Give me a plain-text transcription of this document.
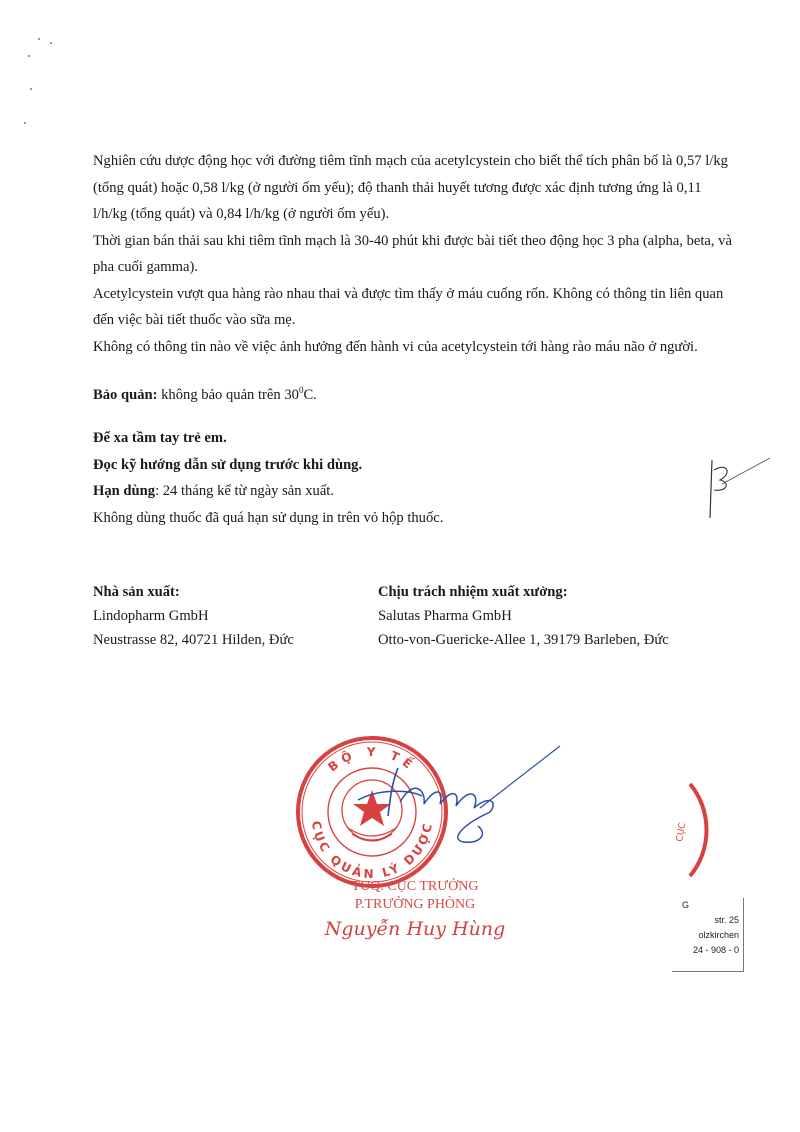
Nghiên cứu dược động học với đường tiêm tĩnh mạch của acetylcystein cho biết thể tích phân bố là 0,57 l/kg (tổng quát) hoặc 0,58 l/kg (ở người ốm yếu); độ thanh thải huyết tương được xác định tương ứng là 0,11 l/h/kg (tổng quát) và 0,84 l/h/kg (ở người ốm yếu).

Thời gian bán thải sau khi tiêm tĩnh mạch là 30-40 phút khi được bài tiết theo động học 3 pha (alpha, beta, và pha cuối gamma).

Acetylcystein vượt qua hàng rào nhau thai và được tìm thấy ở máu cuống rốn. Không có thông tin liên quan đến việc bài tiết thuốc vào sữa mẹ.

Không có thông tin nào về việc ảnh hưởng đến hành vi của acetylcystein tới hàng rào máu não ở người.

Bảo quản: không bảo quản trên $30^0C$.

Để xa tầm tay trẻ em.

Đọc kỹ hướng dẫn sử dụng trước khi dùng.

Hạn dùng: 24 tháng kể từ ngày sản xuất.

Không dùng thuốc đã quá hạn sử dụng in trên vỏ hộp thuốc.

Nhà sản xuất:

Lindopharm GmbH

Neustrasse 82, 40721 Hilden, Đức

Chịu trách nhiệm xuất xưởng:

Salutas Pharma GmbH

Otto-von-Guericke-Allee 1, 39179 Barleben, Đức

BỘ Y TẾ
CỤC QUẢN LÝ DƯỢC	CỤC

TUQ. CỤC TRƯỞNG

P.TRƯỞNG PHÒNG

Nguyễn Huy Hùng

G

str. 25

olzkirchen

24 - 908 - 0
